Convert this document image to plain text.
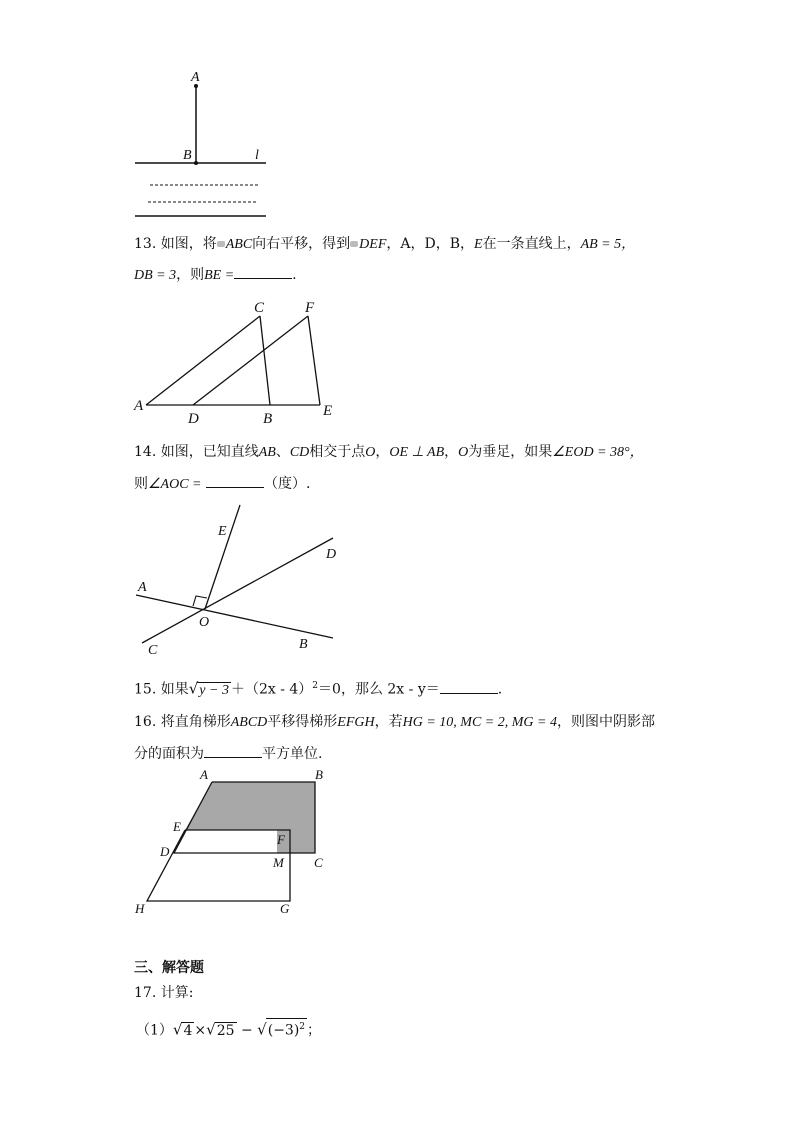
A
B	l
13. 如图，将 ABC向右平移，得到 DEF，A，D，B，E在一条直线上，AB = 5，
DB = 3，则BE =	.
A
D	B	E
C	F
14. 如图，已知直线AB、CD相交于点O，OE ⊥ AB，O为垂足，如果∠EOD = 38°，
则∠AOC =	（度）.
E
D
A
O
B
C
15. 如果√y − 3 ＋（2x - 4）$^2$＝0，那么 2x - y＝	.
16. 将直角梯形ABCD平移得梯形EFGH，若HG = 10, MC = 2, MG = 4，则图中阴影部
分的面积为	平方单位.
A	B
E
F
D
M C
H	G
三、解答题
17. 计算:
$(1)√4 \times√25 - √(-3)^2$ ；
